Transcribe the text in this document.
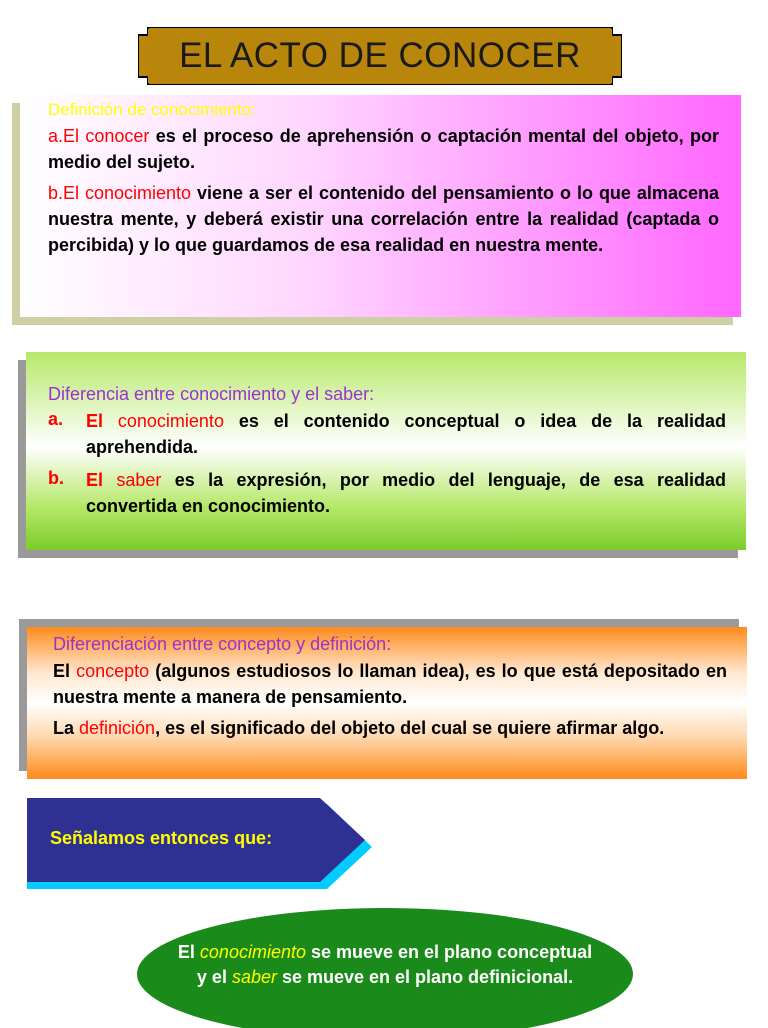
EL ACTO DE CONOCER

Definición de conocimiento:

a.El conocer es el proceso de aprehensión o captación mental del objeto, por medio del sujeto.

b.El conocimiento viene a ser el contenido del pensamiento o lo que almacena nuestra mente, y deberá existir una correlación entre la realidad (captada o percibida) y lo que guardamos de esa realidad en nuestra mente.

Diferencia entre conocimiento y el saber:

a.	El conocimiento es el contenido conceptual o idea de la realidad aprehendida.

b.	El saber es la expresión, por medio del lenguaje, de esa realidad convertida en conocimiento.

Diferenciación entre concepto y definición:

El concepto (algunos estudiosos lo llaman idea), es lo que está depositado en nuestra mente a manera de pensamiento.

La definición, es el significado del objeto del cual se quiere afirmar algo.

Señalamos entonces que:
El conocimiento se mueve en el plano conceptual y el saber se mueve en el plano definicional.
